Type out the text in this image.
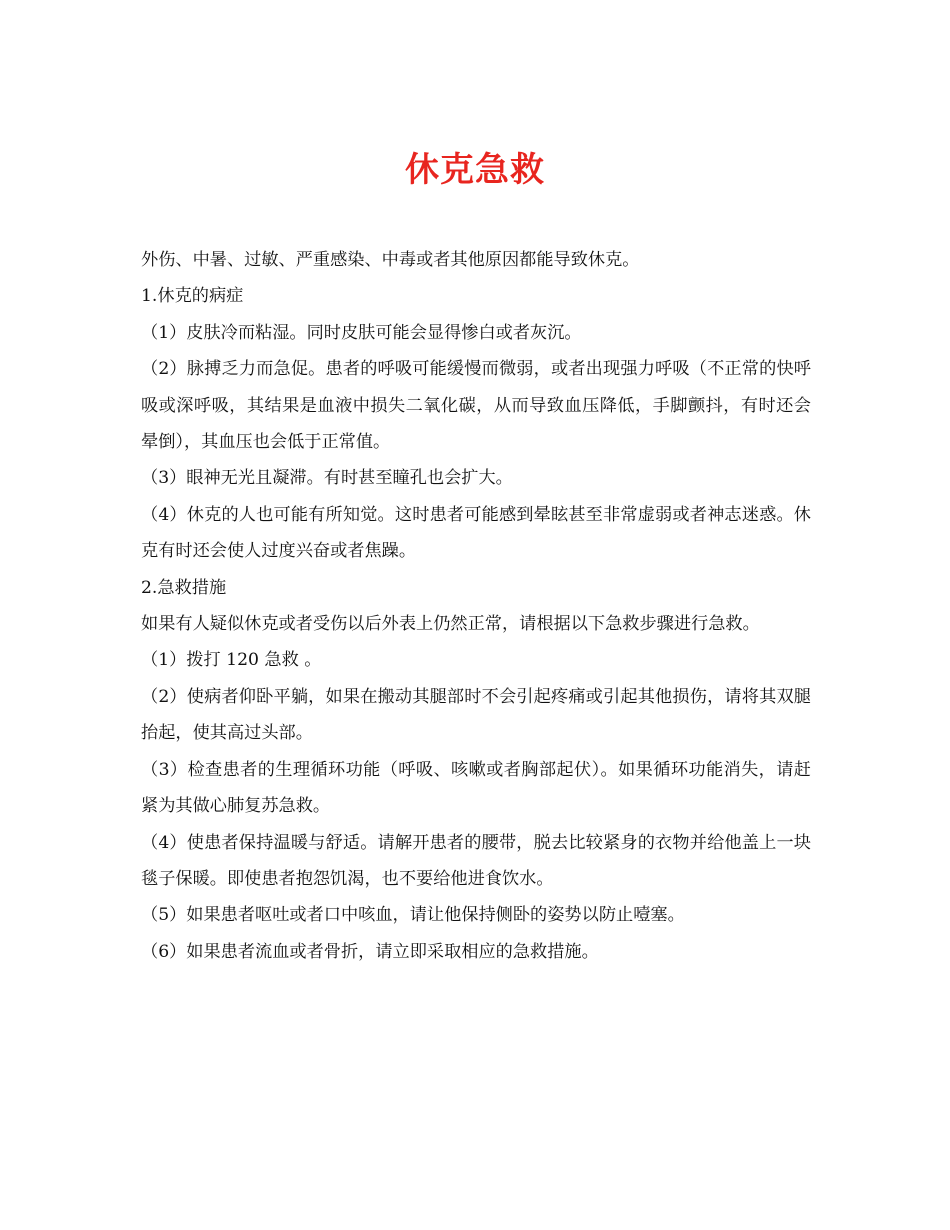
休克急救

外伤、中暑、过敏、严重感染、中毒或者其他原因都能导致休克。

1.休克的病症

（1）皮肤冷而粘湿。同时皮肤可能会显得惨白或者灰沉。

（2）脉搏乏力而急促。患者的呼吸可能缓慢而微弱，或者出现强力呼吸（不正常的快呼吸或深呼吸，其结果是血液中损失二氧化碳，从而导致血压降低，手脚颤抖，有时还会晕倒），其血压也会低于正常值。

（3）眼神无光且凝滞。有时甚至瞳孔也会扩大。

（4）休克的人也可能有所知觉。这时患者可能感到晕眩甚至非常虚弱或者神志迷惑。休克有时还会使人过度兴奋或者焦躁。

2.急救措施

如果有人疑似休克或者受伤以后外表上仍然正常，请根据以下急救步骤进行急救。

（1）拨打 120 急救 。

（2）使病者仰卧平躺，如果在搬动其腿部时不会引起疼痛或引起其他损伤，请将其双腿抬起，使其高过头部。

（3）检查患者的生理循环功能（呼吸、咳嗽或者胸部起伏）。如果循环功能消失，请赶紧为其做心肺复苏急救。

（4）使患者保持温暖与舒适。请解开患者的腰带，脱去比较紧身的衣物并给他盖上一块毯子保暖。即使患者抱怨饥渴，也不要给他进食饮水。

（5）如果患者呕吐或者口中咳血，请让他保持侧卧的姿势以防止噎塞。

（6）如果患者流血或者骨折，请立即采取相应的急救措施。
